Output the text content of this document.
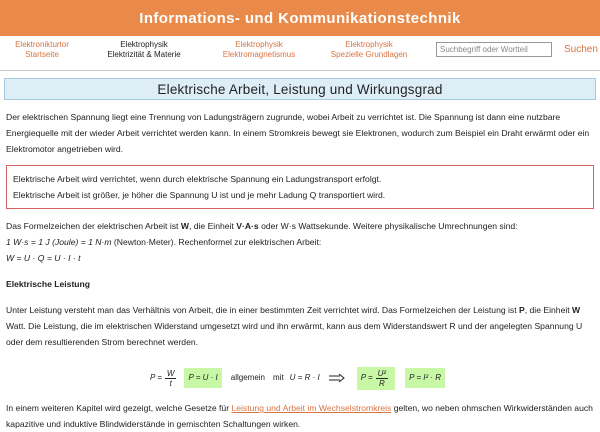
Informations- und Kommunikationstechnik
Elektronikturtor
Startseite
Elektrophysik
Elektrizität & Materie
Elektrophysik
Elektromagnetismus
Elektrophysik
Spezielle Grundlagen
Suchbegriff oder Wortteil	Suchen
Elektrische Arbeit, Leistung und Wirkungsgrad

Der elektrischen Spannung liegt eine Trennung von Ladungsträgern zugrunde, wobei Arbeit zu verrichtet ist. Die Spannung ist dann eine nutzbare Energiequelle mit der wieder Arbeit verrichtet werden kann. In einem Stromkreis bewegt sie Elektronen, wodurch zum Beispiel ein Draht erwärmt oder ein Elektromotor angetrieben wird.

Elektrische Arbeit wird verrichtet, wenn durch elektrische Spannung ein Ladungstransport erfolgt.
Elektrische Arbeit ist größer, je höher die Spannung U ist und je mehr Ladung Q transportiert wird.

Das Formelzeichen der elektrischen Arbeit ist W, die Einheit V·A·s oder W·s Wattsekunde. Weitere physikalische Umrechnungen sind:
1 W·s = 1 J (Joule) = 1 N·m (Newton·Meter). Rechenformel zur elektrischen Arbeit:
W = U · Q = U · I · t

Elektrische Leistung

Unter Leistung versteht man das Verhältnis von Arbeit, die in einer bestimmten Zeit verrichtet wird. Das Formelzeichen der Leistung ist P, die Einheit W Watt. Die Leistung, die im elektrischen Widerstand umgesetzt wird und ihn erwärmt, kann aus dem Widerstandswert R und der angelegten Spannung U oder dem resultierenden Strom berechnet werden.

$P = \frac{W}{t}$	P = U · I	allgemein mit U = R · I	$P = \frac{\text{U²}}{R}$	P = I² · R

In einem weiteren Kapitel wird gezeigt, welche Gesetze für Leistung und Arbeit im Wechselstromkreis gelten, wo neben ohmschen Wirkwiderständen auch kapazitive und induktive Blindwiderstände in gemischten Schaltungen wirken.
